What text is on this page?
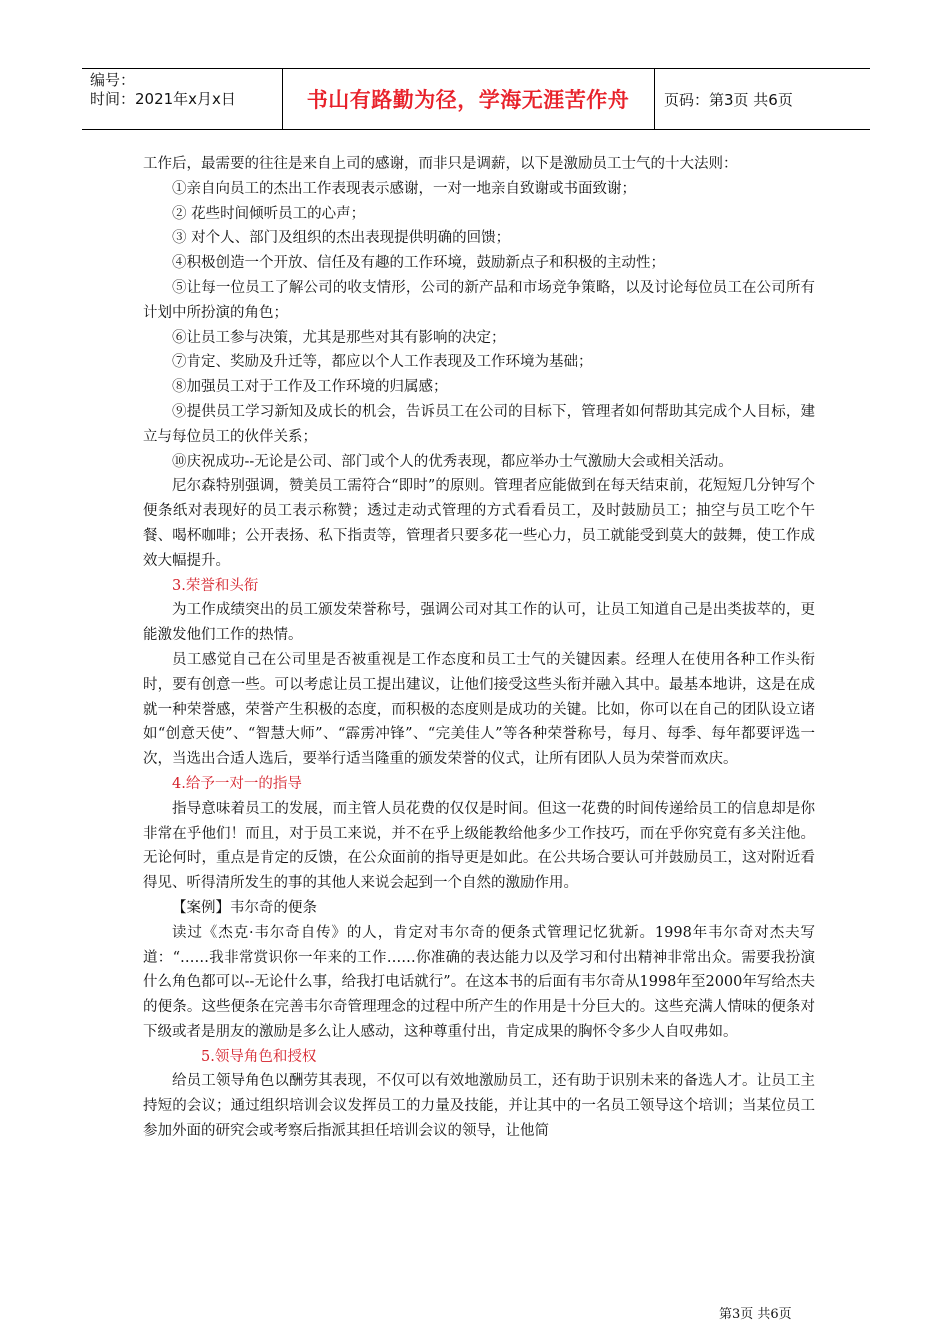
编号：
时间：2021年x月x日	书山有路勤为径，学海无涯苦作舟	页码：第3页 共6页

工作后，最需要的往往是来自上司的感谢，而非只是调薪，以下是激励员工士气的十大法则：

①亲自向员工的杰出工作表现表示感谢，一对一地亲自致谢或书面致谢；

② 花些时间倾听员工的心声；

③ 对个人、部门及组织的杰出表现提供明确的回馈；

④积极创造一个开放、信任及有趣的工作环境，鼓励新点子和积极的主动性；

⑤让每一位员工了解公司的收支情形，公司的新产品和市场竞争策略，以及讨论每位员工在公司所有计划中所扮演的角色；

⑥让员工参与决策，尤其是那些对其有影响的决定；

⑦肯定、奖励及升迁等，都应以个人工作表现及工作环境为基础；

⑧加强员工对于工作及工作环境的归属感；

⑨提供员工学习新知及成长的机会，告诉员工在公司的目标下，管理者如何帮助其完成个人目标，建立与每位员工的伙伴关系；

⑩庆祝成功--无论是公司、部门或个人的优秀表现，都应举办士气激励大会或相关活动。

尼尔森特别强调，赞美员工需符合“即时”的原则。管理者应能做到在每天结束前，花短短几分钟写个便条纸对表现好的员工表示称赞；透过走动式管理的方式看看员工，及时鼓励员工；抽空与员工吃个午餐、喝杯咖啡；公开表扬、私下指责等，管理者只要多花一些心力，员工就能受到莫大的鼓舞，使工作成效大幅提升。

3.荣誉和头衔

为工作成绩突出的员工颁发荣誉称号，强调公司对其工作的认可，让员工知道自己是出类拔萃的，更能激发他们工作的热情。

员工感觉自己在公司里是否被重视是工作态度和员工士气的关键因素。经理人在使用各种工作头衔时，要有创意一些。可以考虑让员工提出建议，让他们接受这些头衔并融入其中。最基本地讲，这是在成就一种荣誉感，荣誉产生积极的态度，而积极的态度则是成功的关键。比如，你可以在自己的团队设立诸如“创意天使”、“智慧大师”、“霹雳冲锋”、“完美佳人”等各种荣誉称号，每月、每季、每年都要评选一次，当选出合适人选后，要举行适当隆重的颁发荣誉的仪式，让所有团队人员为荣誉而欢庆。

4.给予一对一的指导

指导意味着员工的发展，而主管人员花费的仅仅是时间。但这一花费的时间传递给员工的信息却是你非常在乎他们！而且，对于员工来说，并不在乎上级能教给他多少工作技巧，而在乎你究竟有多关注他。无论何时，重点是肯定的反馈，在公众面前的指导更是如此。在公共场合要认可并鼓励员工，这对附近看得见、听得清所发生的事的其他人来说会起到一个自然的激励作用。

【案例】韦尔奇的便条

读过《杰克·韦尔奇自传》的人，肯定对韦尔奇的便条式管理记忆犹新。1998年韦尔奇对杰夫写道：“……我非常赏识你一年来的工作……你准确的表达能力以及学习和付出精神非常出众。需要我扮演什么角色都可以--无论什么事，给我打电话就行”。在这本书的后面有韦尔奇从1998年至2000年写给杰夫的便条。这些便条在完善韦尔奇管理理念的过程中所产生的作用是十分巨大的。这些充满人情味的便条对下级或者是朋友的激励是多么让人感动，这种尊重付出，肯定成果的胸怀令多少人自叹弗如。

5.领导角色和授权

给员工领导角色以酬劳其表现，不仅可以有效地激励员工，还有助于识别未来的备选人才。让员工主持短的会议；通过组织培训会议发挥员工的力量及技能，并让其中的一名员工领导这个培训；当某位员工参加外面的研究会或考察后指派其担任培训会议的领导，让他简

第3页 共6页
